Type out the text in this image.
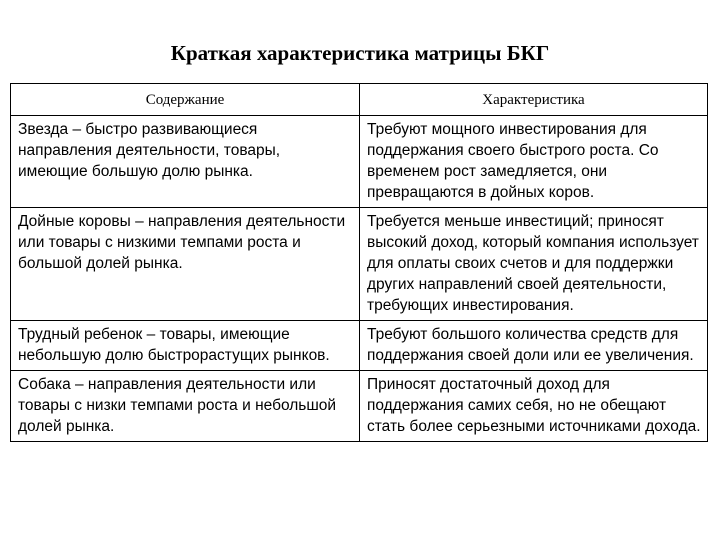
Краткая характеристика матрицы БКГ
Содержание	Характеристика
Звезда – быстро развивающиеся направления деятельности, товары, имеющие большую долю рынка.	Требуют мощного инвестирования для поддержания своего быстрого роста. Со временем рост замедляется, они превращаются в дойных коров.
Дойные коровы – направления деятельности или товары с низкими темпами роста и большой долей рынка.	Требуется меньше инвестиций; приносят высокий доход, который компания использует для оплаты своих счетов и для поддержки других направлений своей деятельности, требующих инвестирования.
Трудный ребенок – товары, имеющие небольшую долю быстрорастущих рынков.	Требуют большого количества средств для поддержания своей доли или ее увеличения.
Собака – направления деятельности или товары с низки темпами роста и небольшой долей рынка.	Приносят достаточный доход для поддержания самих себя, но не обещают стать более серьезными источниками дохода.
